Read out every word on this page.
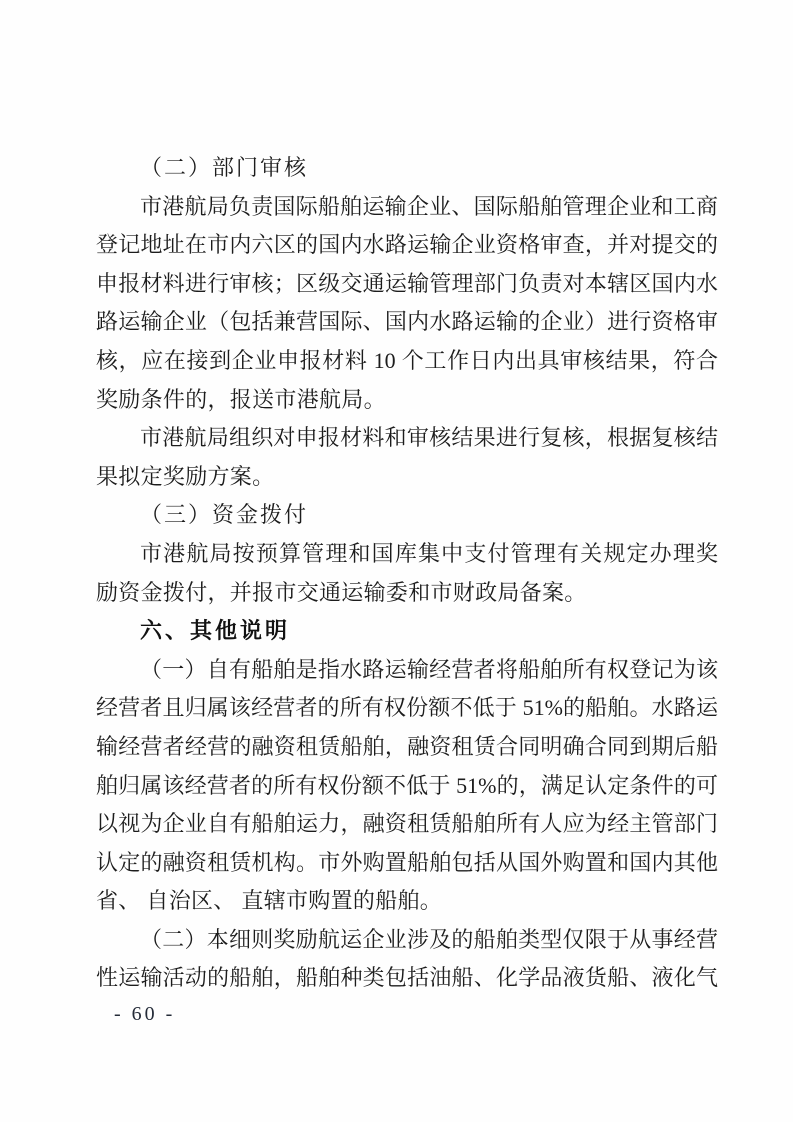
（二）部门审核
市港航局负责国际船舶运输企业、国际船舶管理企业和工商
登记地址在市内六区的国内水路运输企业资格审查，并对提交的
申报材料进行审核；区级交通运输管理部门负责对本辖区国内水
路运输企业（包括兼营国际、国内水路运输的企业）进行资格审
核，应在接到企业申报材料 10 个工作日内出具审核结果，符合
奖励条件的，报送市港航局。
市港航局组织对申报材料和审核结果进行复核，根据复核结
果拟定奖励方案。
（三）资金拨付
市港航局按预算管理和国库集中支付管理有关规定办理奖
励资金拨付，并报市交通运输委和市财政局备案。
六、其他说明
（一）自有船舶是指水路运输经营者将船舶所有权登记为该
经营者且归属该经营者的所有权份额不低于 51%的船舶。水路运
输经营者经营的融资租赁船舶，融资租赁合同明确合同到期后船
舶归属该经营者的所有权份额不低于 51%的，满足认定条件的可
以视为企业自有船舶运力，融资租赁船舶所有人应为经主管部门
认定的融资租赁机构。市外购置船舶包括从国外购置和国内其他
省、 自治区、 直辖市购置的船舶。
（二）本细则奖励航运企业涉及的船舶类型仅限于从事经营
性运输活动的船舶，船舶种类包括油船、化学品液货船、液化气
- 60 -
